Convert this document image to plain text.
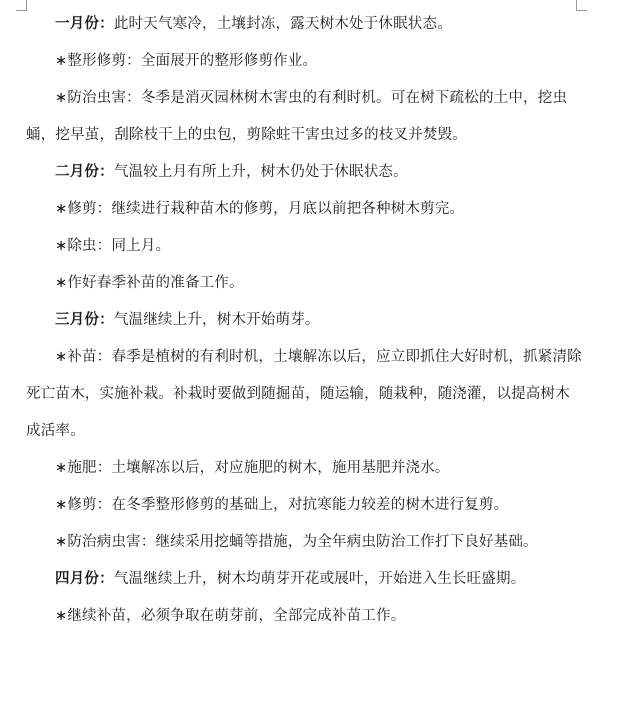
一月份：此时天气寒冷，土壤封冻，露天树木处于休眠状态。

∗整形修剪：全面展开的整形修剪作业。

∗防治虫害：冬季是消灭园林树木害虫的有利时机。可在树下疏松的土中，挖虫蛹，挖早茧，刮除枝干上的虫包，剪除蛀干害虫过多的枝叉并焚毁。

二月份：气温较上月有所上升，树木仍处于休眠状态。

∗修剪：继续进行栽种苗木的修剪，月底以前把各种树木剪完。

∗除虫：同上月。

∗作好春季补苗的准备工作。

三月份：气温继续上升，树木开始萌芽。

∗补苗：春季是植树的有利时机，土壤解冻以后，应立即抓住大好时机，抓紧清除死亡苗木，实施补栽。补栽时要做到随掘苗，随运输，随栽种，随浇灌，以提高树木成活率。

∗施肥：土壤解冻以后，对应施肥的树木，施用基肥并浇水。

∗修剪：在冬季整形修剪的基础上，对抗寒能力较差的树木进行复剪。

∗防治病虫害：继续采用挖蛹等措施，为全年病虫防治工作打下良好基础。

四月份：气温继续上升，树木均萌芽开花或展叶，开始进入生长旺盛期。

∗继续补苗，必须争取在萌芽前，全部完成补苗工作。
